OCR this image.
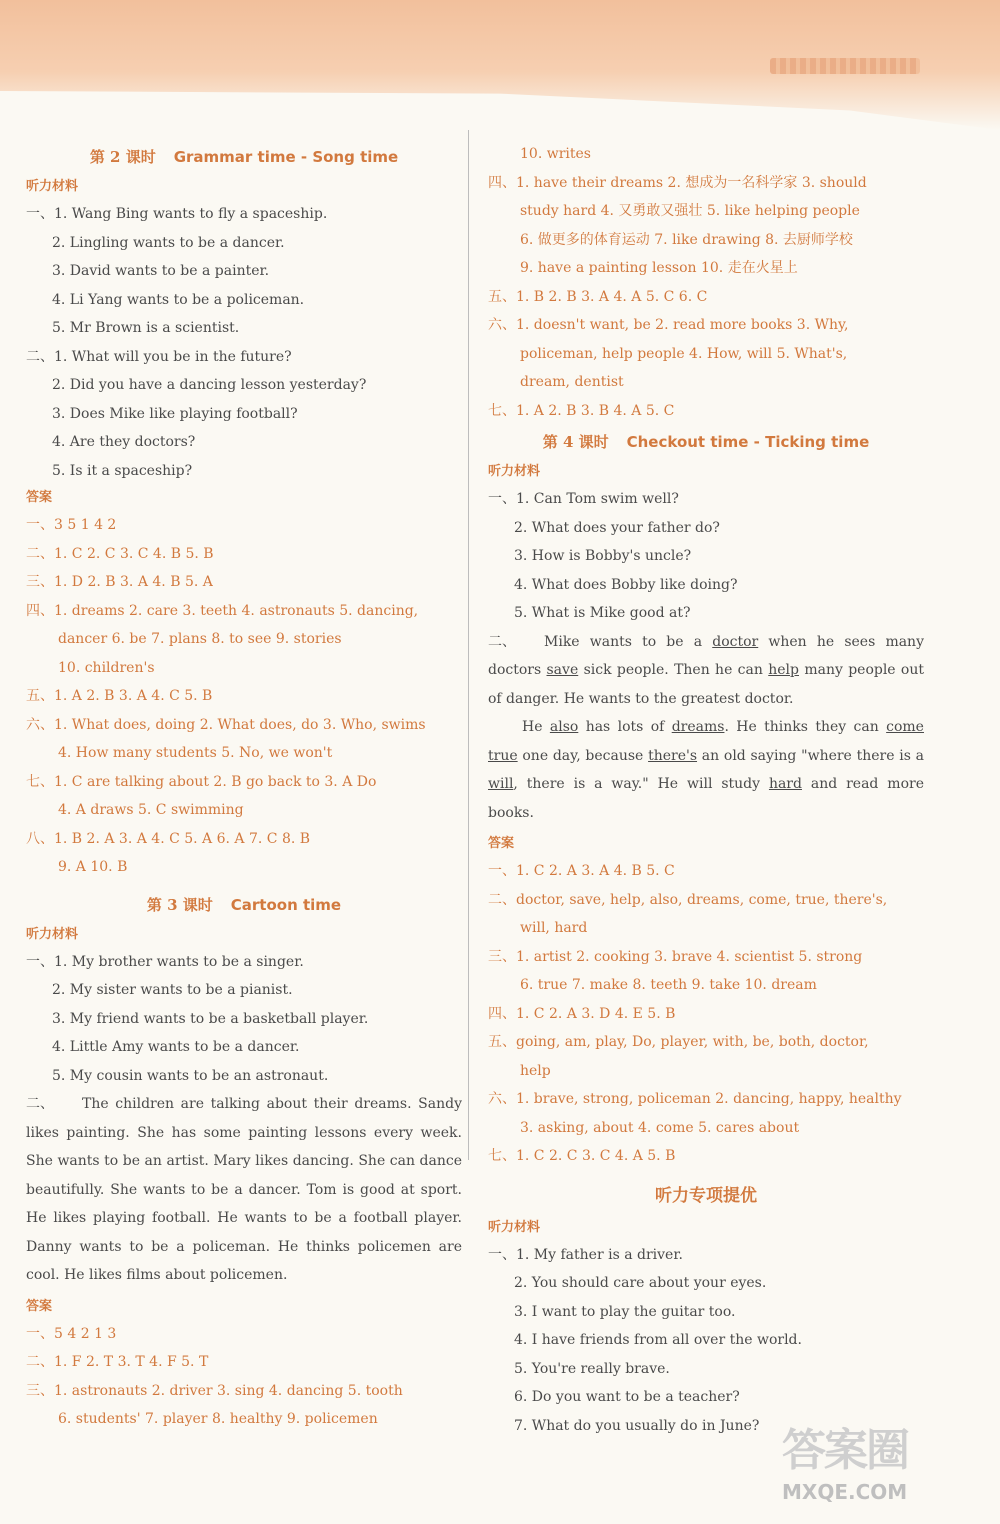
第 2 课时 Grammar time - Song time
听力材料
一、1. Wang Bing wants to fly a spaceship.
2. Lingling wants to be a dancer.
3. David wants to be a painter.
4. Li Yang wants to be a policeman.
5. Mr Brown is a scientist.
二、1. What will you be in the future?
2. Did you have a dancing lesson yesterday?
3. Does Mike like playing football?
4. Are they doctors?
5. Is it a spaceship?
答案
一、3 5 1 4 2
二、1. C 2. C 3. C 4. B 5. B
三、1. D 2. B 3. A 4. B 5. A
四、1. dreams 2. care 3. teeth 4. astronauts 5. dancing,
dancer 6. be 7. plans 8. to see 9. stories
10. children's
五、1. A 2. B 3. A 4. C 5. B
六、1. What does, doing 2. What does, do 3. Who, swims
4. How many students 5. No, we won't
七、1. C are talking about 2. B go back to 3. A Do
4. A draws 5. C swimming
八、1. B 2. A 3. A 4. C 5. A 6. A 7. C 8. B
9. A 10. B
第 3 课时 Cartoon time
听力材料
一、1. My brother wants to be a singer.
2. My sister wants to be a pianist.
3. My friend wants to be a basketball player.
4. Little Amy wants to be a dancer.
5. My cousin wants to be an astronaut.
二、 The children are talking about their dreams. Sandy likes painting. She has some painting lessons every week. She wants to be an artist. Mary likes dancing. She can dance beautifully. She wants to be a dancer. Tom is good at sport. He likes playing football. He wants to be a football player. Danny wants to be a policeman. He thinks policemen are cool. He likes films about policemen.
答案
一、5 4 2 1 3
二、1. F 2. T 3. T 4. F 5. T
三、1. astronauts 2. driver 3. sing 4. dancing 5. tooth
6. students' 7. player 8. healthy 9. policemen
10. writes
四、1. have their dreams 2. 想成为一名科学家 3. should
study hard 4. 又勇敢又强壮 5. like helping people
6. 做更多的体育运动 7. like drawing 8. 去厨师学校
9. have a painting lesson 10. 走在火星上
五、1. B 2. B 3. A 4. A 5. C 6. C
六、1. doesn't want, be 2. read more books 3. Why,
policeman, help people 4. How, will 5. What's,
dream, dentist
七、1. A 2. B 3. B 4. A 5. C
第 4 课时 Checkout time - Ticking time
听力材料
一、1. Can Tom swim well?
2. What does your father do?
3. How is Bobby's uncle?
4. What does Bobby like doing?
5. What is Mike good at?
二、 Mike wants to be a doctor when he sees many doctors save sick people. Then he can help many people out of danger. He wants to the greatest doctor.
He also has lots of dreams. He thinks they can come true one day, because there's an old saying "where there is a will, there is a way." He will study hard and read more books.
答案
一、1. C 2. A 3. A 4. B 5. C
二、doctor, save, help, also, dreams, come, true, there's,
will, hard
三、1. artist 2. cooking 3. brave 4. scientist 5. strong
6. true 7. make 8. teeth 9. take 10. dream
四、1. C 2. A 3. D 4. E 5. B
五、going, am, play, Do, player, with, be, both, doctor,
help
六、1. brave, strong, policeman 2. dancing, happy, healthy
3. asking, about 4. come 5. cares about
七、1. C 2. C 3. C 4. A 5. B
听力专项提优
听力材料
一、1. My father is a driver.
2. You should care about your eyes.
3. I want to play the guitar too.
4. I have friends from all over the world.
5. You're really brave.
6. Do you want to be a teacher?
7. What do you usually do in June? 答案圈
MXQE.COM
